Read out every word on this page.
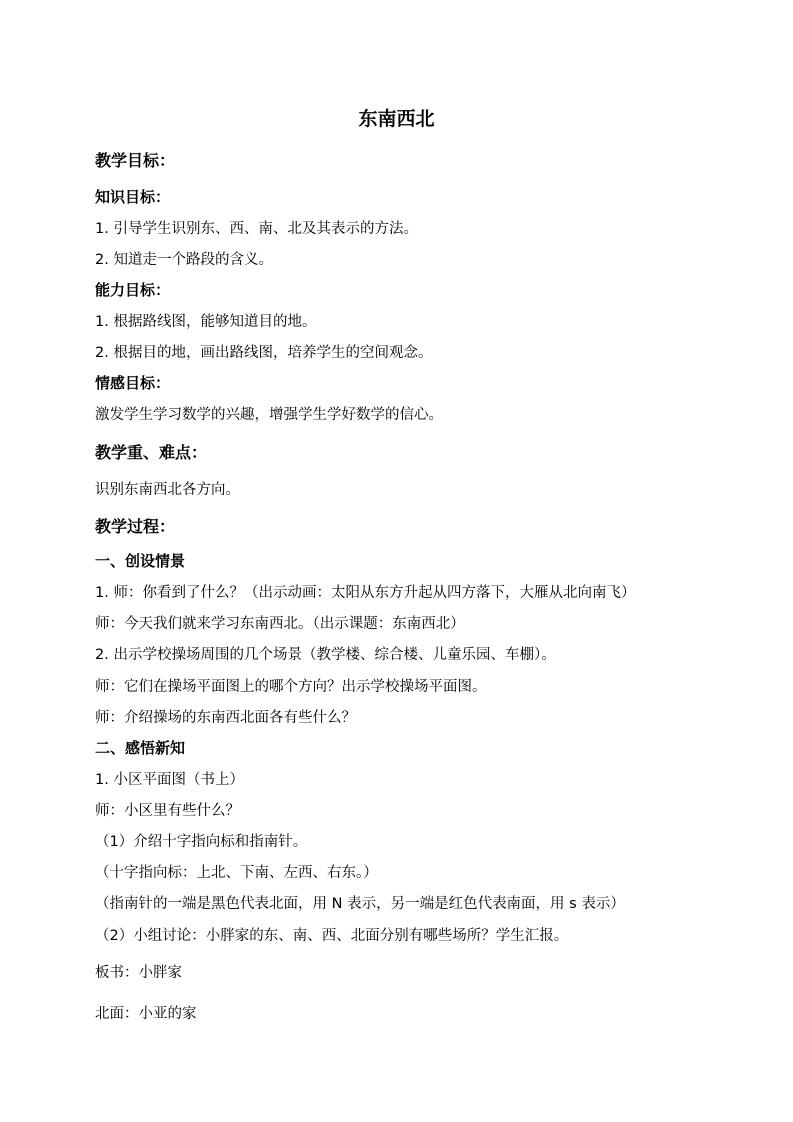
东南西北
教学目标：
知识目标：
1. 引导学生识别东、西、南、北及其表示的方法。
2. 知道走一个路段的含义。
能力目标：
1. 根据路线图，能够知道目的地。
2. 根据目的地，画出路线图，培养学生的空间观念。
情感目标：
激发学生学习数学的兴趣，增强学生学好数学的信心。
教学重、难点：
识别东南西北各方向。
教学过程：
一、创设情景
1. 师：你看到了什么？（出示动画：太阳从东方升起从四方落下，大雁从北向南飞）
师：今天我们就来学习东南西北。（出示课题：东南西北）
2. 出示学校操场周围的几个场景（教学楼、综合楼、儿童乐园、车棚）。
师：它们在操场平面图上的哪个方向？出示学校操场平面图。
师：介绍操场的东南西北面各有些什么？
二、感悟新知
1. 小区平面图（书上）
师：小区里有些什么？
（1）介绍十字指向标和指南针。
（十字指向标：上北、下南、左西、右东。）
（指南针的一端是黑色代表北面，用 N 表示，另一端是红色代表南面，用 s 表示）
（2）小组讨论：小胖家的东、南、西、北面分别有哪些场所？学生汇报。
板书：小胖家
北面：小亚的家
